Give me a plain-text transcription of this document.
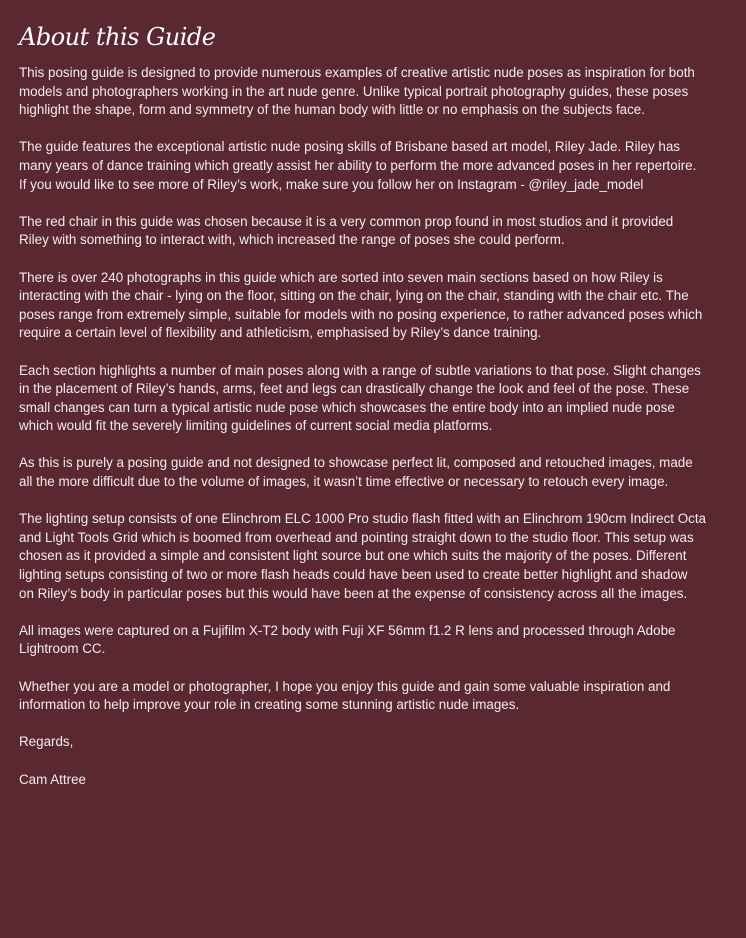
About this Guide

This posing guide is designed to provide numerous examples of creative artistic nude poses as inspiration for both models and photographers working in the art nude genre. Unlike typical portrait photography guides, these poses highlight the shape, form and symmetry of the human body with little or no emphasis on the subjects face.

The guide features the exceptional artistic nude posing skills of Brisbane based art model, Riley Jade. Riley has many years of dance training which greatly assist her ability to perform the more advanced poses in her repertoire. If you would like to see more of Riley’s work, make sure you follow her on Instagram - @riley_jade_model

The red chair in this guide was chosen because it is a very common prop found in most studios and it provided Riley with something to interact with, which increased the range of poses she could perform.

There is over 240 photographs in this guide which are sorted into seven main sections based on how Riley is interacting with the chair - lying on the floor, sitting on the chair, lying on the chair, standing with the chair etc. The poses range from extremely simple, suitable for models with no posing experience, to rather advanced poses which require a certain level of flexibility and athleticism, emphasised by Riley’s dance training.

Each section highlights a number of main poses along with a range of subtle variations to that pose. Slight changes in the placement of Riley’s hands, arms, feet and legs can drastically change the look and feel of the pose. These small changes can turn a typical artistic nude pose which showcases the entire body into an implied nude pose which would fit the severely limiting guidelines of current social media platforms.

As this is purely a posing guide and not designed to showcase perfect lit, composed and retouched images, made all the more difficult due to the volume of images, it wasn’t time effective or necessary to retouch every image.

The lighting setup consists of one Elinchrom ELC 1000 Pro studio flash fitted with an Elinchrom 190cm Indirect Octa and Light Tools Grid which is boomed from overhead and pointing straight down to the studio floor. This setup was chosen as it provided a simple and consistent light source but one which suits the majority of the poses. Different lighting setups consisting of two or more flash heads could have been used to create better highlight and shadow on Riley’s body in particular poses but this would have been at the expense of consistency across all the images.

All images were captured on a Fujifilm X-T2 body with Fuji XF 56mm f1.2 R lens and processed through Adobe Lightroom CC.

Whether you are a model or photographer, I hope you enjoy this guide and gain some valuable inspiration and information to help improve your role in creating some stunning artistic nude images.

Regards,

Cam Attree
